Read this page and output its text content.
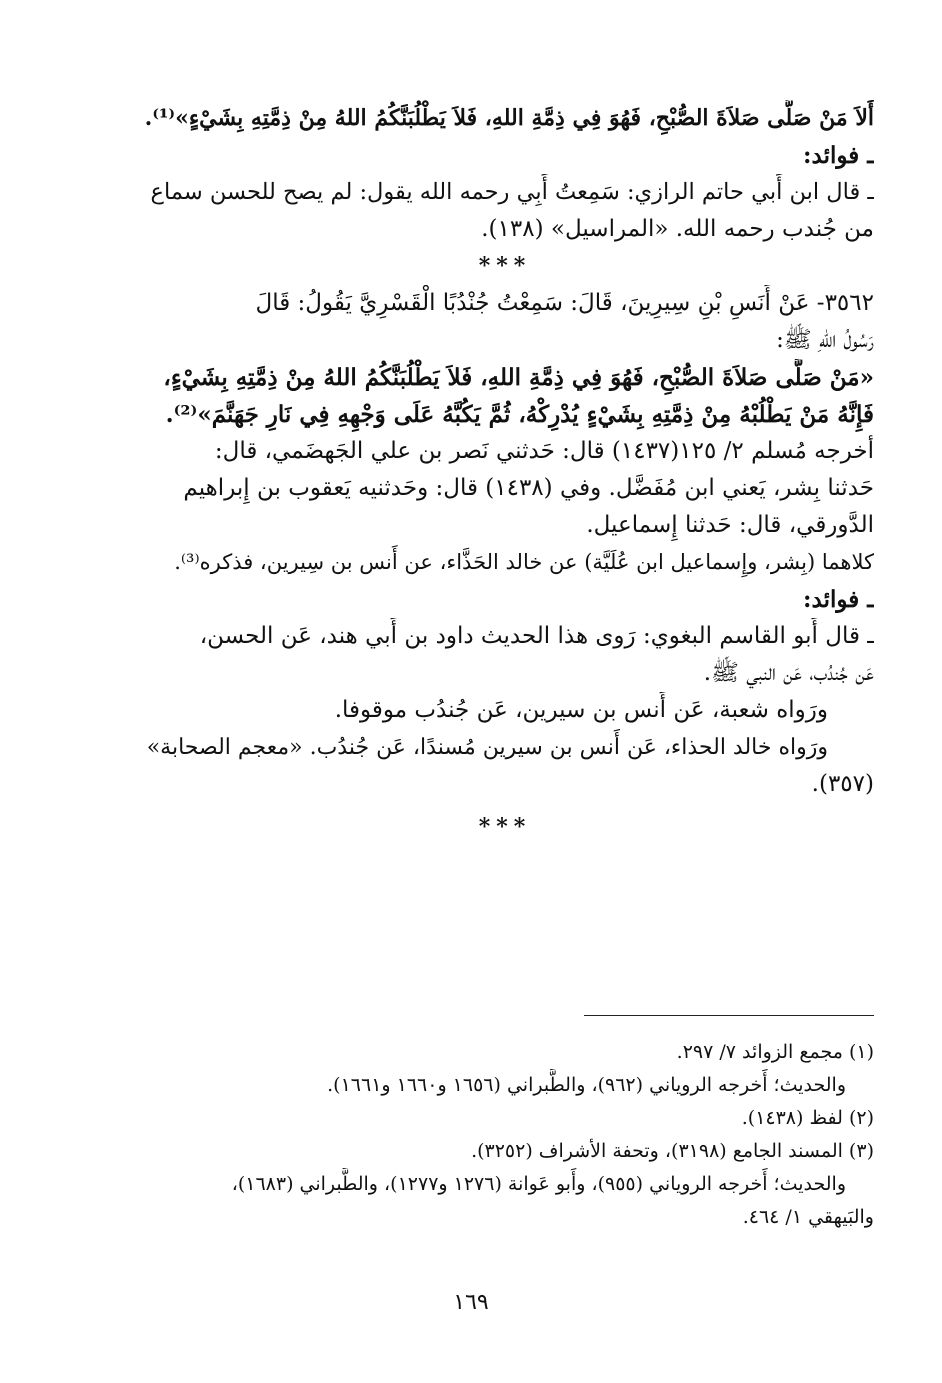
أَلاَ مَنْ صَلَّى صَلاَةَ الصُّبْحِ، فَهُوَ فِي ذِمَّةِ اللهِ، فَلاَ يَطْلُبَنَّكُمُ اللهُ مِنْ ذِمَّتِهِ بِشَيْءٍ»⁽¹⁾.
ـ فوائد:
ـ قال ابن أَبي حاتم الرازي: سَمِعتُ أَبِي رحمه الله يقول: لم يصح للحسن سماع
من جُندب رحمه الله. «المراسيل» (١٣٨).
***
٣٥٦٢- عَنْ أَنَسِ بْنِ سِيرِينَ، قَالَ: سَمِعْتُ جُنْدُبًا الْقَسْرِيَّ يَقُولُ: قَالَ
رَسُولُ اللهِ ﷺ:
«مَنْ صَلَّى صَلاَةَ الصُّبْحِ، فَهُوَ فِي ذِمَّةِ اللهِ، فَلاَ يَطْلُبَنَّكُمُ اللهُ مِنْ ذِمَّتِهِ بِشَيْءٍ،
فَإِنَّهُ مَنْ يَطْلُبْهُ مِنْ ذِمَّتِهِ بِشَيْءٍ يُدْرِكْهُ، ثُمَّ يَكُبَّهُ عَلَى وَجْهِهِ فِي نَارِ جَهَنَّمَ»⁽²⁾.
أخرجه مُسلم ٢/ ١٢٥(١٤٣٧) قال: حَدثني نَصر بن علي الجَهضَمي، قال:
حَدثنا بِشر، يَعني ابن مُفَضَّل. وفي (١٤٣٨) قال: وحَدثنيه يَعقوب بن إِبراهيم
الدَّورقي، قال: حَدثنا إِسماعيل.
كلاهما (بِشر، وإِسماعيل ابن عُلَيَّة) عن خالد الحَذَّاء، عن أَنس بن سِيرين، فذكره⁽³⁾.
ـ فوائد:
ـ قال أَبو القاسم البغوي: رَوى هذا الحديث داود بن أَبي هند، عَن الحسن،
عَن جُندُب، عَن النبي ﷺ.
ورَواه شعبة، عَن أَنس بن سيرين، عَن جُندُب موقوفا.
ورَواه خالد الحذاء، عَن أَنس بن سيرين مُسندًا، عَن جُندُب. «معجم الصحابة»
(٣٥٧).
***
(١) مجمع الزوائد ٧/ ٢٩٧.
والحديث؛ أَخرجه الروياني (٩٦٢)، والطَّبراني (١٦٥٦ و١٦٦٠ و١٦٦١).
(٢) لفظ (١٤٣٨).
(٣) المسند الجامع (٣١٩٨)، وتحفة الأشراف (٣٢٥٢).
والحديث؛ أَخرجه الروياني (٩٥٥)، وأَبو عَوانة (١٢٧٦ و١٢٧٧)، والطَّبراني (١٦٨٣)،
والبَيهقي ١/ ٤٦٤.
١٦٩
